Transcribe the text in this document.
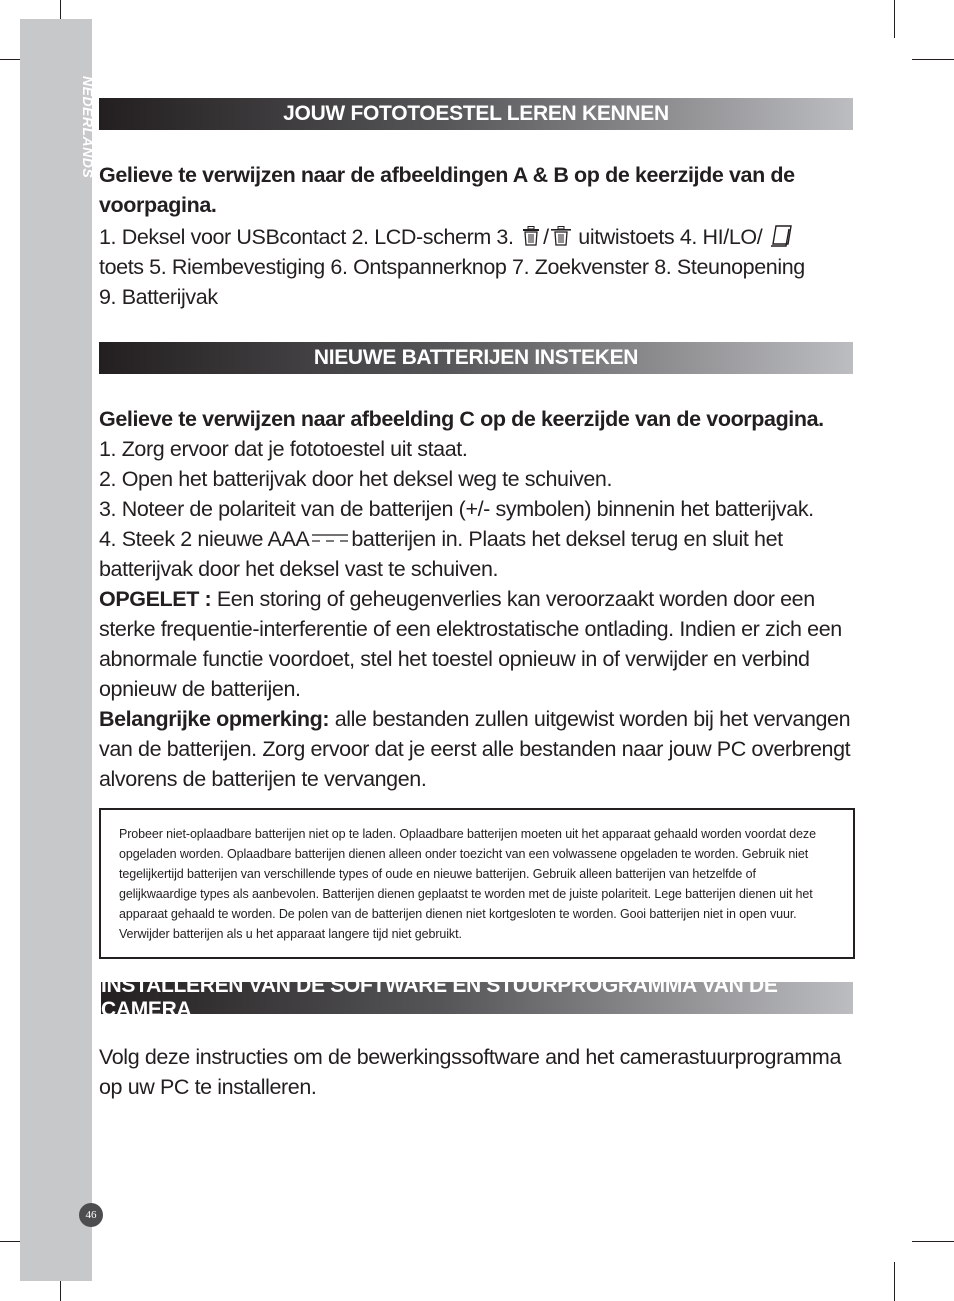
NEDERLANDS	JOUW FOTOTOESTEL LEREN KENNEN
Gelieve te verwijzen naar de afbeeldingen A & B op de keerzijde van de voorpagina.
1. Deksel voor USBcontact 2. LCD-scherm 3. / uitwistoets 4. HI/LO/
toets 5. Riembevestiging 6. Ontspannerknop 7. Zoekvenster 8. Steunopening
9. Batterijvak
NIEUWE BATTERIJEN INSTEKEN
Gelieve te verwijzen naar afbeelding C op de keerzijde van de voorpagina.
1. Zorg ervoor dat je fototoestel uit staat.
2. Open het batterijvak door het deksel weg te schuiven.
3. Noteer de polariteit van de batterijen (+/- symbolen) binnenin het batterijvak.
4. Steek 2 nieuwe AAA batterijen in. Plaats het deksel terug en sluit het
batterijvak door het deksel vast te schuiven.
OPGELET : Een storing of geheugenverlies kan veroorzaakt worden door een sterke frequentie-interferentie of een elektrostatische ontlading. Indien er zich een abnormale functie voordoet, stel het toestel opnieuw in of verwijder en verbind opnieuw de batterijen.
Belangrijke opmerking: alle bestanden zullen uitgewist worden bij het vervangen van de batterijen. Zorg ervoor dat je eerst alle bestanden naar jouw PC overbrengt alvorens de batterijen te vervangen.
Probeer niet-oplaadbare batterijen niet op te laden. Oplaadbare batterijen moeten uit het apparaat gehaald worden voordat deze opgeladen worden. Oplaadbare batterijen dienen alleen onder toezicht van een volwassene opgeladen te worden. Gebruik niet tegelijkertijd batterijen van verschillende types of oude en nieuwe batterijen. Gebruik alleen batterijen van hetzelfde of gelijkwaardige types als aanbevolen. Batterijen dienen geplaatst te worden met de juiste polariteit. Lege batterijen dienen uit het apparaat gehaald te worden. De polen van de batterijen dienen niet kortgesloten te worden. Gooi batterijen niet in open vuur. Verwijder batterijen als u het apparaat langere tijd niet gebruikt.
INSTALLEREN VAN DE SOFTWARE EN STUURPROGRAMMA VAN DE CAMERA
Volg deze instructies om de bewerkingssoftware and het camerastuurprogramma op uw PC te installeren.
46
